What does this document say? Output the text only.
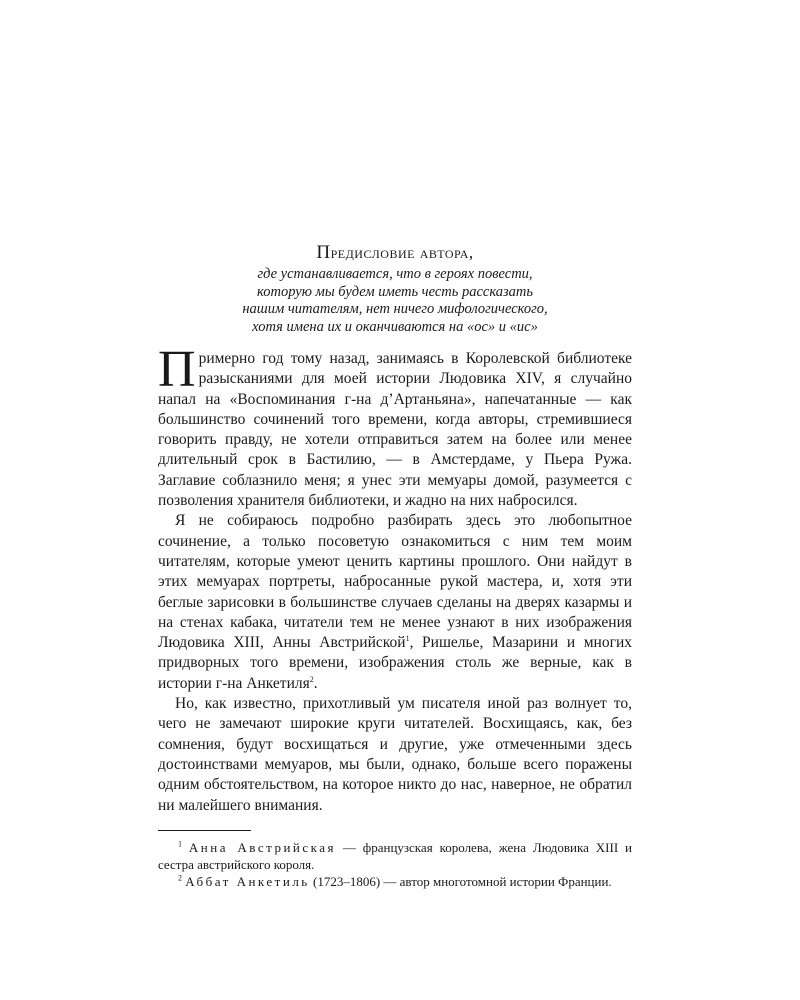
Предисловие автора,
где устанавливается, что в героях повести,
которую мы будем иметь честь рассказать
нашим читателям, нет ничего мифологического,
хотя имена их и оканчиваются на «ос» и «ис»

Примерно год тому назад, занимаясь в Королевской библиотеке разысканиями для моей истории Людовика XIV, я случайно напал на «Воспоминания г-на д’Артаньяна», напечатанные — как большинство сочинений того времени, когда авторы, стремившиеся говорить правду, не хотели отправиться затем на более или менее длительный срок в Бастилию, — в Амстердаме, у Пьера Ружа. Заглавие соблазнило меня; я унес эти мемуары домой, разумеется с позволения хранителя библиотеки, и жадно на них набросился.

Я не собираюсь подробно разбирать здесь это любопытное сочинение, а только посоветую ознакомиться с ним тем моим читателям, которые умеют ценить картины прошлого. Они найдут в этих мемуарах портреты, набросанные рукой мастера, и, хотя эти беглые зарисовки в большинстве случаев сделаны на дверях казармы и на стенах кабака, читатели тем не менее узнают в них изображения Людовика XIII, Анны Австрийской$^1$, Ришелье, Мазарини и многих придворных того времени, изображения столь же верные, как в истории г-на Анкетиля$^2$.

Но, как известно, прихотливый ум писателя иной раз волнует то, чего не замечают широкие круги читателей. Восхищаясь, как, без сомнения, будут восхищаться и другие, уже отмеченными здесь достоинствами мемуаров, мы были, однако, больше всего поражены одним обстоятельством, на которое никто до нас, наверное, не обратил ни малейшего внимания.

$^1$ Анна Австрийская — французская королева, жена Людовика XIII и сестра австрийского короля.

$^2$ Аббат Анкетиль (1723–1806) — автор многотомной истории Франции.
